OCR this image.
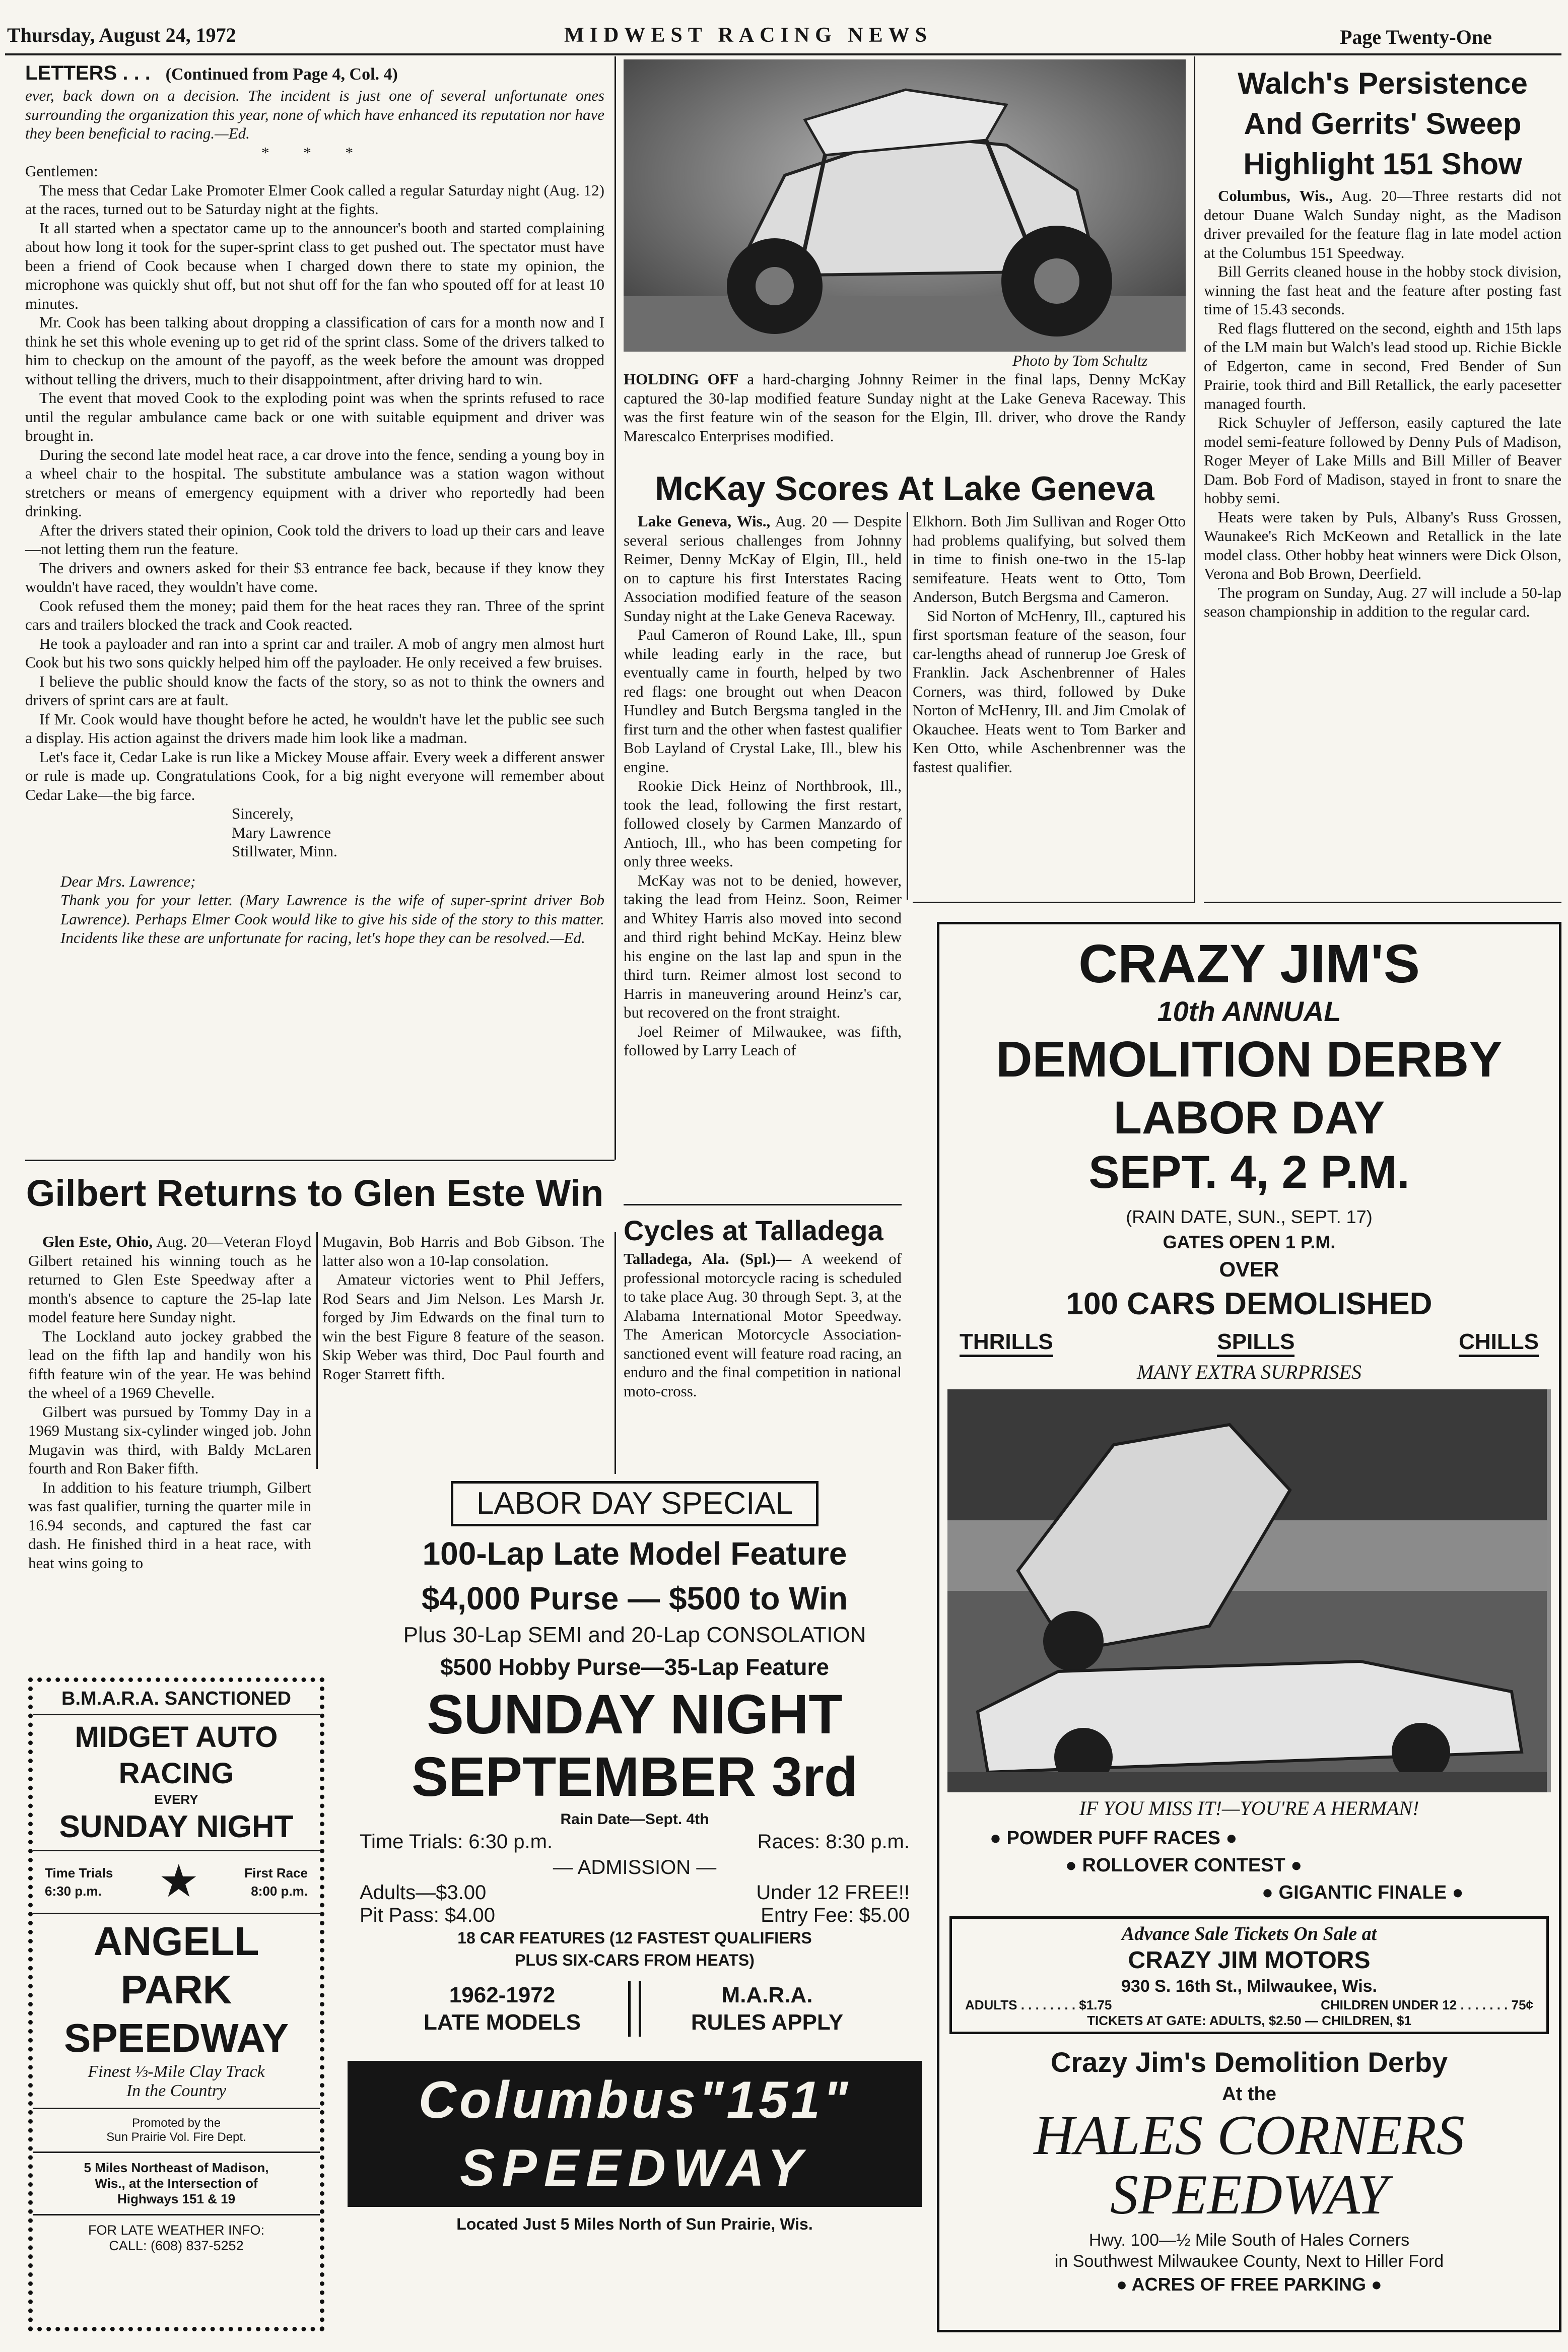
Thursday, August 24, 1972	MIDWEST RACING NEWS	Page Twenty-One
LETTERS . . . (Continued from Page 4, Col. 4)

ever, back down on a decision. The incident is just one of several unfortunate ones surrounding the organization this year, none of which have enhanced its reputation nor have they been beneficial to racing.—Ed.

* * *

Gentlemen:

The mess that Cedar Lake Promoter Elmer Cook called a regular Saturday night (Aug. 12) at the races, turned out to be Saturday night at the fights.

It all started when a spectator came up to the announcer's booth and started complaining about how long it took for the super-sprint class to get pushed out. The spectator must have been a friend of Cook because when I charged down there to state my opinion, the microphone was quickly shut off, but not shut off for the fan who spouted off for at least 10 minutes.

Mr. Cook has been talking about dropping a classification of cars for a month now and I think he set this whole evening up to get rid of the sprint class. Some of the drivers talked to him to checkup on the amount of the payoff, as the week before the amount was dropped without telling the drivers, much to their disappointment, after driving hard to win.

The event that moved Cook to the exploding point was when the sprints refused to race until the regular ambulance came back or one with suitable equipment and driver was brought in.

During the second late model heat race, a car drove into the fence, sending a young boy in a wheel chair to the hospital. The substitute ambulance was a station wagon without stretchers or means of emergency equipment with a driver who reportedly had been drinking.

After the drivers stated their opinion, Cook told the drivers to load up their cars and leave—not letting them run the feature.

The drivers and owners asked for their $3 entrance fee back, because if they know they wouldn't have raced, they wouldn't have come.

Cook refused them the money; paid them for the heat races they ran. Three of the sprint cars and trailers blocked the track and Cook reacted.

He took a payloader and ran into a sprint car and trailer. A mob of angry men almost hurt Cook but his two sons quickly helped him off the payloader. He only received a few bruises.

I believe the public should know the facts of the story, so as not to think the owners and drivers of sprint cars are at fault.

If Mr. Cook would have thought before he acted, he wouldn't have let the public see such a display. His action against the drivers made him look like a madman.

Let's face it, Cedar Lake is run like a Mickey Mouse affair. Every week a different answer or rule is made up. Congratulations Cook, for a big night everyone will remember about Cedar Lake—the big farce.

Sincerely,
Mary Lawrence
Stillwater, Minn.

Dear Mrs. Lawrence;

Thank you for your letter. (Mary Lawrence is the wife of super-sprint driver Bob Lawrence). Perhaps Elmer Cook would like to give his side of the story to this matter. Incidents like these are unfortunate for racing, let's hope they can be resolved.—Ed.

Photo by Tom Schultz

HOLDING OFF a hard-charging Johnny Reimer in the final laps, Denny McKay captured the 30-lap modified feature Sunday night at the Lake Geneva Raceway. This was the first feature win of the season for the Elgin, Ill. driver, who drove the Randy Marescalco Enterprises modified.

Walch's Persistence
And Gerrits' Sweep
Highlight 151 Show

Columbus, Wis., Aug. 20—Three restarts did not detour Duane Walch Sunday night, as the Madison driver prevailed for the feature flag in late model action at the Columbus 151 Speedway.

Bill Gerrits cleaned house in the hobby stock division, winning the fast heat and the feature after posting fast time of 15.43 seconds.

Red flags fluttered on the second, eighth and 15th laps of the LM main but Walch's lead stood up. Richie Bickle of Edgerton, came in second, Fred Bender of Sun Prairie, took third and Bill Retallick, the early pacesetter managed fourth.

Rick Schuyler of Jefferson, easily captured the late model semi-feature followed by Denny Puls of Madison, Roger Meyer of Lake Mills and Bill Miller of Beaver Dam. Bob Ford of Madison, stayed in front to snare the hobby semi.

Heats were taken by Puls, Albany's Russ Grossen, Waunakee's Rich McKeown and Retallick in the late model class. Other hobby heat winners were Dick Olson, Verona and Bob Brown, Deerfield.

The program on Sunday, Aug. 27 will include a 50-lap season championship in addition to the regular card.

McKay Scores At Lake Geneva

Lake Geneva, Wis., Aug. 20 — Despite several serious challenges from Johnny Reimer, Denny McKay of Elgin, Ill., held on to capture his first Interstates Racing Association modified feature of the season Sunday night at the Lake Geneva Raceway.

Paul Cameron of Round Lake, Ill., spun while leading early in the race, but eventually came in fourth, helped by two red flags: one brought out when Deacon Hundley and Butch Bergsma tangled in the first turn and the other when fastest qualifier Bob Layland of Crystal Lake, Ill., blew his engine.

Rookie Dick Heinz of Northbrook, Ill., took the lead, following the first restart, followed closely by Carmen Manzardo of Antioch, Ill., who has been competing for only three weeks.

McKay was not to be denied, however, taking the lead from Heinz. Soon, Reimer and Whitey Harris also moved into second and third right behind McKay. Heinz blew his engine on the last lap and spun in the third turn. Reimer almost lost second to Harris in maneuvering around Heinz's car, but recovered on the front straight.

Joel Reimer of Milwaukee, was fifth, followed by Larry Leach of

Elkhorn. Both Jim Sullivan and Roger Otto had problems qualifying, but solved them in time to finish one-two in the 15-lap semifeature. Heats went to Otto, Tom Anderson, Butch Bergsma and Cameron.

Sid Norton of McHenry, Ill., captured his first sportsman feature of the season, four car-lengths ahead of runnerup Joe Gresk of Franklin. Jack Aschenbrenner of Hales Corners, was third, followed by Duke Norton of McHenry, Ill. and Jim Cmolak of Okauchee. Heats went to Tom Barker and Ken Otto, while Aschenbrenner was the fastest qualifier.

Cycles at Talladega

Talladega, Ala. (Spl.)— A weekend of professional motorcycle racing is scheduled to take place Aug. 30 through Sept. 3, at the Alabama International Motor Speedway. The American Motorcycle Association-sanctioned event will feature road racing, an enduro and the final competition in national moto-cross.

Gilbert Returns to Glen Este Win

Glen Este, Ohio, Aug. 20—Veteran Floyd Gilbert retained his winning touch as he returned to Glen Este Speedway after a month's absence to capture the 25-lap late model feature here Sunday night.

The Lockland auto jockey grabbed the lead on the fifth lap and handily won his fifth feature win of the year. He was behind the wheel of a 1969 Chevelle.

Gilbert was pursued by Tommy Day in a 1969 Mustang six-cylinder winged job. John Mugavin was third, with Baldy McLaren fourth and Ron Baker fifth.

In addition to his feature triumph, Gilbert was fast qualifier, turning the quarter mile in 16.94 seconds, and captured the fast car dash. He finished third in a heat race, with heat wins going to

Mugavin, Bob Harris and Bob Gibson. The latter also won a 10-lap consolation.

Amateur victories went to Phil Jeffers, Rod Sears and Jim Nelson. Les Marsh Jr. forged by Jim Edwards on the final turn to win the best Figure 8 feature of the season. Skip Weber was third, Doc Paul fourth and Roger Starrett fifth.

B.M.A.R.A. SANCTIONED
MIDGET AUTO
RACING
EVERY
SUNDAY NIGHT
Time Trials
6:30 p.m. ★	First Race
8:00 p.m.
ANGELL PARK
SPEEDWAY
Finest ⅓-Mile Clay Track
In the Country
Promoted by the
Sun Prairie Vol. Fire Dept.
5 Miles Northeast of Madison,
Wis., at the Intersection of
Highways 151 & 19
FOR LATE WEATHER INFO:
CALL: (608) 837-5252
LABOR DAY SPECIAL
100-Lap Late Model Feature
$4,000 Purse — $500 to Win
Plus 30-Lap SEMI and 20-Lap CONSOLATION
$500 Hobby Purse—35-Lap Feature
SUNDAY NIGHT
SEPTEMBER 3rd
Rain Date—Sept. 4th
Time Trials: 6:30 p.m.	Races: 8:30 p.m.
— ADMISSION —
Adults—$3.00	Under 12 FREE!!
Pit Pass: $4.00	Entry Fee: $5.00
18 CAR FEATURES (12 FASTEST QUALIFIERS
PLUS SIX-CARS FROM HEATS)
1962-1972
LATE MODELS
M.A.R.A.
RULES APPLY
Columbus"151"
SPEEDWAY
Located Just 5 Miles North of Sun Prairie, Wis.
CRAZY JIM'S
10th ANNUAL
DEMOLITION DERBY
LABOR DAY
SEPT. 4, 2 P.M.
(RAIN DATE, SUN., SEPT. 17)
GATES OPEN 1 P.M.
OVER
100 CARS DEMOLISHED
THRILLS	SPILLS	CHILLS
MANY EXTRA SURPRISES
IF YOU MISS IT!—YOU'RE A HERMAN!
● POWDER PUFF RACES ●
● ROLLOVER CONTEST ●
● GIGANTIC FINALE ●
Advance Sale Tickets On Sale at
CRAZY JIM MOTORS
930 S. 16th St., Milwaukee, Wis.
ADULTS . . . . . . . . $1.75	CHILDREN UNDER 12 . . . . . . . 75¢
TICKETS AT GATE: ADULTS, $2.50 — CHILDREN, $1
Crazy Jim's Demolition Derby
At the
HALES CORNERS
SPEEDWAY
Hwy. 100—½ Mile South of Hales Corners
in Southwest Milwaukee County, Next to Hiller Ford
● ACRES OF FREE PARKING ●
